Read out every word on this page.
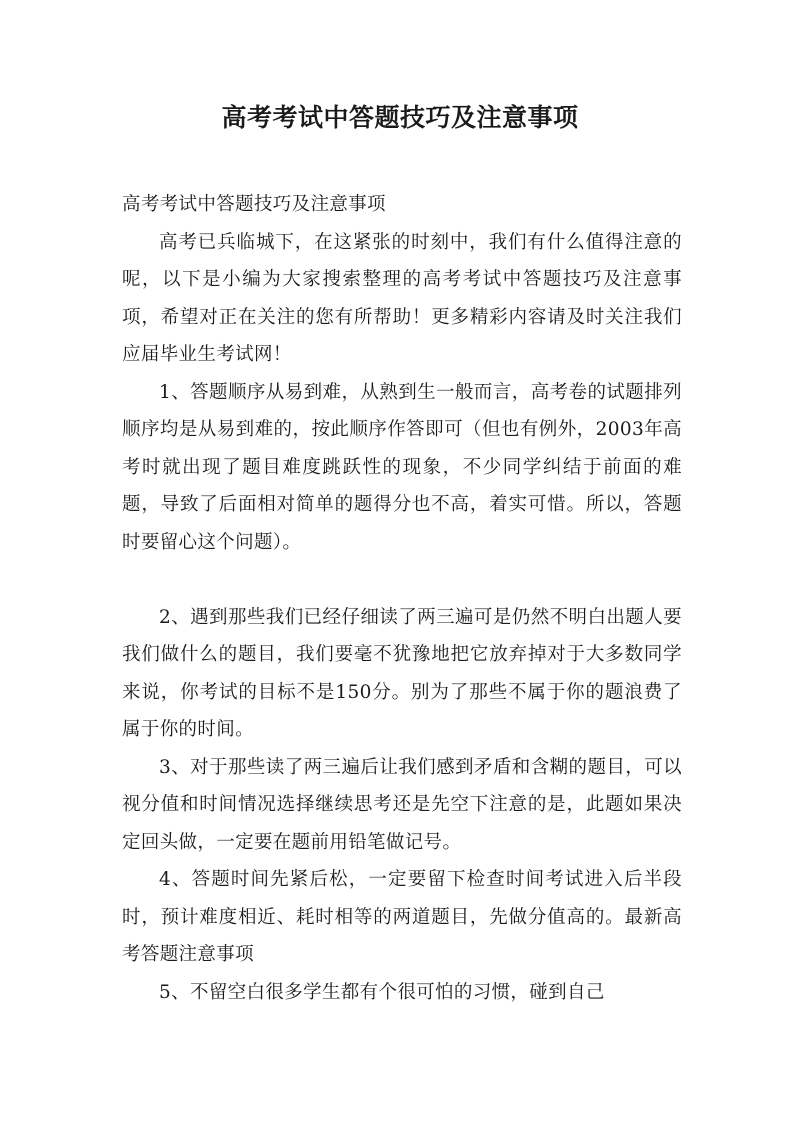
高考考试中答题技巧及注意事项

高考考试中答题技巧及注意事项

高考已兵临城下，在这紧张的时刻中，我们有什么值得注意的呢，以下是小编为大家搜索整理的高考考试中答题技巧及注意事项，希望对正在关注的您有所帮助！更多精彩内容请及时关注我们应届毕业生考试网！

1、答题顺序从易到难，从熟到生一般而言，高考卷的试题排列顺序均是从易到难的，按此顺序作答即可（但也有例外，2003年高考时就出现了题目难度跳跃性的现象，不少同学纠结于前面的难题，导致了后面相对简单的题得分也不高，着实可惜。所以，答题时要留心这个问题）。

2、遇到那些我们已经仔细读了两三遍可是仍然不明白出题人要我们做什么的题目，我们要毫不犹豫地把它放弃掉对于大多数同学来说，你考试的目标不是150分。别为了那些不属于你的题浪费了属于你的时间。

3、对于那些读了两三遍后让我们感到矛盾和含糊的题目，可以视分值和时间情况选择继续思考还是先空下注意的是，此题如果决定回头做，一定要在题前用铅笔做记号。

4、答题时间先紧后松，一定要留下检查时间考试进入后半段时，预计难度相近、耗时相等的两道题目，先做分值高的。最新高考答题注意事项

5、不留空白很多学生都有个很可怕的习惯，碰到自己
